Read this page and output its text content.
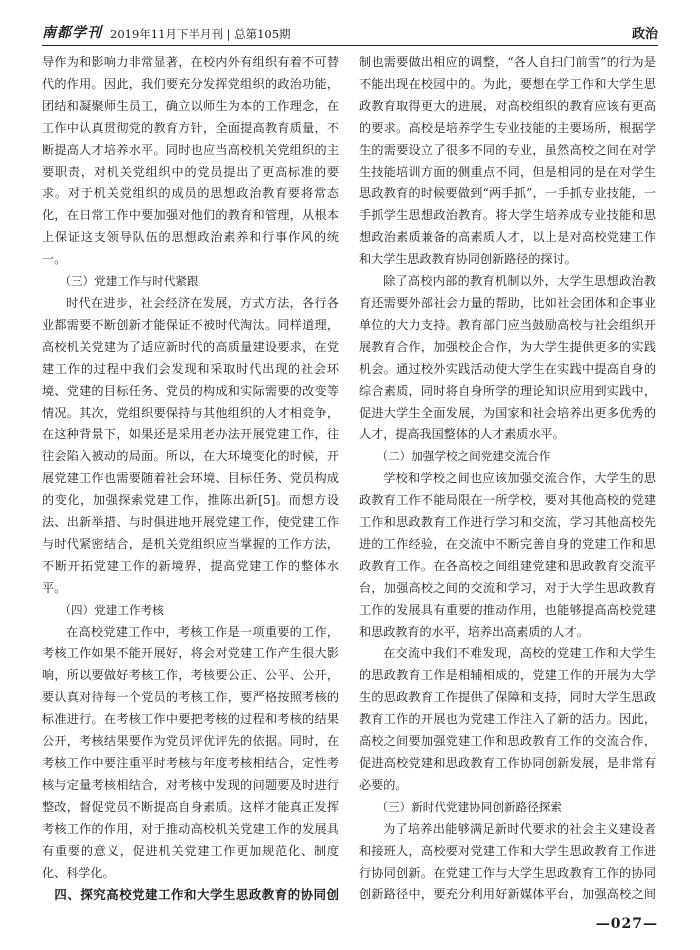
南都学刊 2019年11月下半月刊 | 总第105期	政治

导作为和影响力非常显著，在校内外有组织有着不可替代的作用。因此，我们要充分发挥党组织的政治功能，团结和凝聚师生员工，确立以师生为本的工作理念，在工作中认真贯彻党的教育方针，全面提高教育质量，不断提高人才培养水平。同时也应当高校机关党组织的主要职责，对机关党组织中的党员提出了更高标准的要求。对于机关党组织的成员的思想政治教育要将常态化，在日常工作中要加强对他们的教育和管理，从根本上保证这支领导队伍的思想政治素养和行事作风的统一。

（三）党建工作与时代紧跟

时代在进步，社会经济在发展，方式方法，各行各业都需要不断创新才能保证不被时代淘汰。同样道理，高校机关党建为了适应新时代的高质量建设要求，在党建工作的过程中我们会发现和采取时代出现的社会环境、党建的目标任务、党员的构成和实际需要的改变等情况。其次，党组织要保持与其他组织的人才相竞争，在这种背景下，如果还是采用老办法开展党建工作，往往会陷入被动的局面。所以，在大环境变化的时候，开展党建工作也需要随着社会环境、目标任务、党员构成的变化，加强探索党建工作，推陈出新[5]。而想方设法、出新举措、与时俱进地开展党建工作，使党建工作与时代紧密结合，是机关党组织应当掌握的工作方法，不断开拓党建工作的新境界，提高党建工作的整体水平。

（四）党建工作考核

在高校党建工作中，考核工作是一项重要的工作，考核工作如果不能开展好，将会对党建工作产生很大影响，所以要做好考核工作，考核要公正、公平、公开，要认真对待每一个党员的考核工作，要严格按照考核的标准进行。在考核工作中要把考核的过程和考核的结果公开，考核结果要作为党员评优评先的依据。同时，在考核工作中要注重平时考核与年度考核相结合，定性考核与定量考核相结合，对考核中发现的问题要及时进行整改，督促党员不断提高自身素质。这样才能真正发挥考核工作的作用，对于推动高校机关党建工作的发展具有重要的意义，促进机关党建工作更加规范化、制度化、科学化。

四、探究高校党建工作和大学生思政教育的协同创

制也需要做出相应的调整，“各人自扫门前雪”的行为是不能出现在校园中的。为此，要想在学工作和大学生思政教育取得更大的进展，对高校组织的教育应该有更高的要求。高校是培养学生专业技能的主要场所，根据学生的需要设立了很多不同的专业，虽然高校之间在对学生技能培训方面的侧重点不同，但是相同的是在对学生思政教育的时候要做到“两手抓”，一手抓专业技能，一手抓学生思想政治教育。将大学生培养成专业技能和思想政治素质兼备的高素质人才，以上是对高校党建工作和大学生思政教育协同创新路径的探讨。

除了高校内部的教育机制以外，大学生思想政治教育还需要外部社会力量的帮助，比如社会团体和企事业单位的大力支持。教育部门应当鼓励高校与社会组织开展教育合作，加强校企合作，为大学生提供更多的实践机会。通过校外实践活动使大学生在实践中提高自身的综合素质，同时将自身所学的理论知识应用到实践中，促进大学生全面发展，为国家和社会培养出更多优秀的人才，提高我国整体的人才素质水平。

（二）加强学校之间党建交流合作

学校和学校之间也应该加强交流合作，大学生的思政教育工作不能局限在一所学校，要对其他高校的党建工作和思政教育工作进行学习和交流，学习其他高校先进的工作经验，在交流中不断完善自身的党建工作和思政教育工作。在各高校之间组建党建和思政教育交流平台，加强高校之间的交流和学习，对于大学生思政教育工作的发展具有重要的推动作用，也能够提高高校党建和思政教育的水平，培养出高素质的人才。

在交流中我们不难发现，高校的党建工作和大学生的思政教育工作是相辅相成的，党建工作的开展为大学生的思政教育工作提供了保障和支持，同时大学生思政教育工作的开展也为党建工作注入了新的活力。因此，高校之间要加强党建工作和思政教育工作的交流合作，促进高校党建和思政教育工作协同创新发展，是非常有必要的。

（三）新时代党建协同创新路径探索

为了培养出能够满足新时代要求的社会主义建设者和接班人，高校要对党建工作和大学生思政教育工作进行协同创新。在党建工作与大学生思政教育工作的协同创新路径中，要充分利用好新媒体平台，加强高校之间

—027—
